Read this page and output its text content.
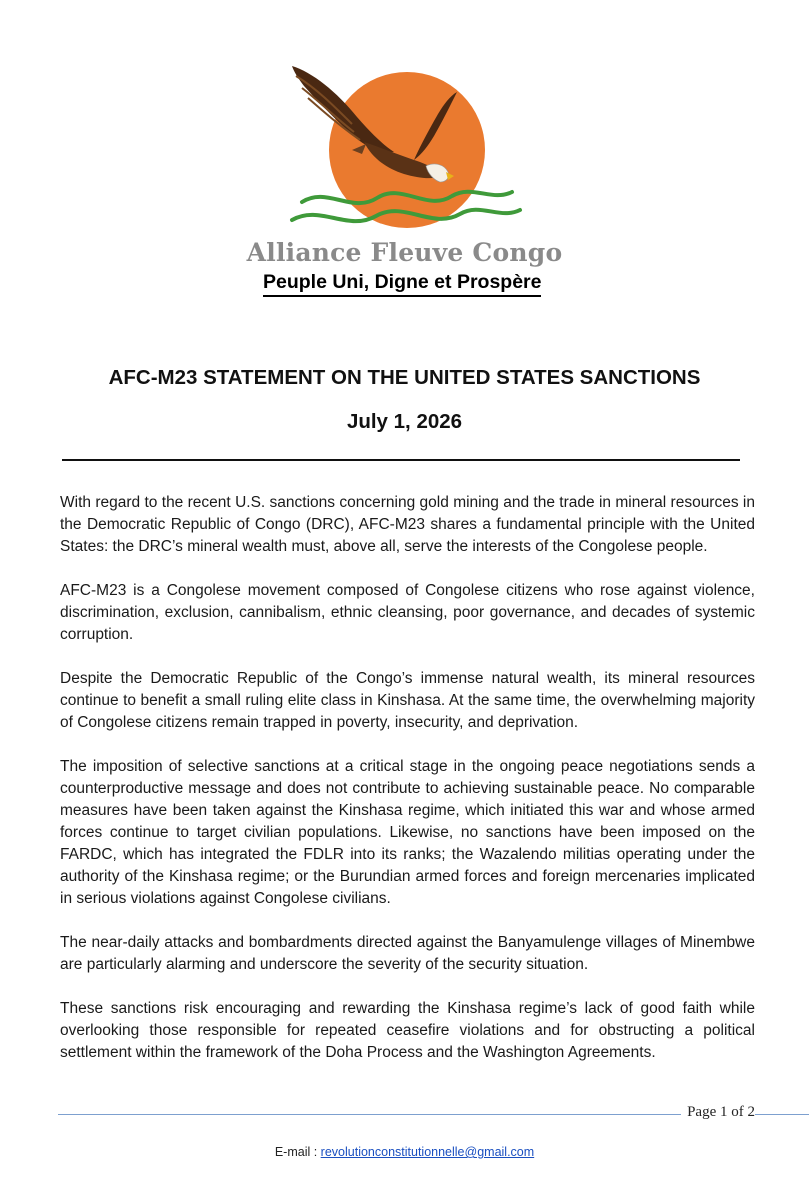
Alliance Fleuve Congo
Peuple Uni, Digne et Prospère
AFC-M23 STATEMENT ON THE UNITED STATES SANCTIONS
July 1, 2026

With regard to the recent U.S. sanctions concerning gold mining and the trade in mineral resources in the Democratic Republic of Congo (DRC), AFC-M23 shares a fundamental principle with the United States: the DRC’s mineral wealth must, above all, serve the interests of the Congolese people.

AFC-M23 is a Congolese movement composed of Congolese citizens who rose against violence, discrimination, exclusion, cannibalism, ethnic cleansing, poor governance, and decades of systemic corruption.

Despite the Democratic Republic of the Congo’s immense natural wealth, its mineral resources continue to benefit a small ruling elite class in Kinshasa. At the same time, the overwhelming majority of Congolese citizens remain trapped in poverty, insecurity, and deprivation.

The imposition of selective sanctions at a critical stage in the ongoing peace negotiations sends a counterproductive message and does not contribute to achieving sustainable peace. No comparable measures have been taken against the Kinshasa regime, which initiated this war and whose armed forces continue to target civilian populations. Likewise, no sanctions have been imposed on the FARDC, which has integrated the FDLR into its ranks; the Wazalendo militias operating under the authority of the Kinshasa regime; or the Burundian armed forces and foreign mercenaries implicated in serious violations against Congolese civilians.

The near-daily attacks and bombardments directed against the Banyamulenge villages of Minembwe are particularly alarming and underscore the severity of the security situation.

These sanctions risk encouraging and rewarding the Kinshasa regime’s lack of good faith while overlooking those responsible for repeated ceasefire violations and for obstructing a political settlement within the framework of the Doha Process and the Washington Agreements.

Page 1 of 2
E-mail : revolutionconstitutionnelle@gmail.com
